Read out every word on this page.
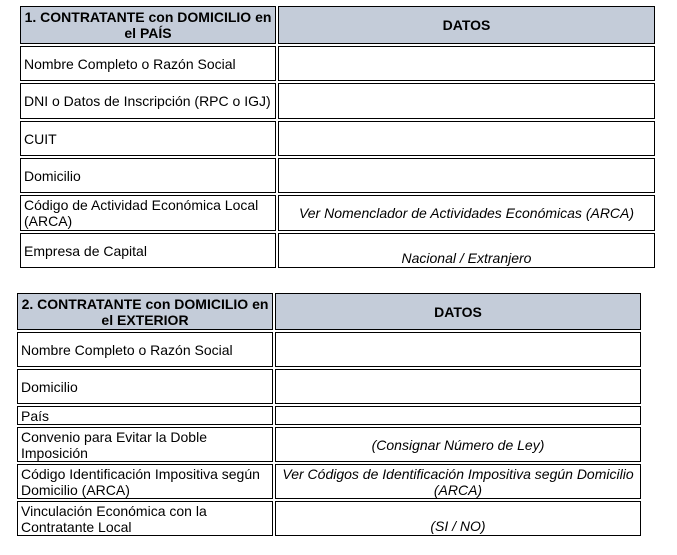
1. CONTRATANTE con DOMICILIO en el PAÍS	DATOS
Nombre Completo o Razón Social	
DNI o Datos de Inscripción (RPC o IGJ)	
CUIT	
Domicilio	
Código de Actividad Económica Local (ARCA)	Ver Nomenclador de Actividades Económicas (ARCA)
Empresa de Capital	Nacional / Extranjero
2. CONTRATANTE con DOMICILIO en el EXTERIOR	DATOS
Nombre Completo o Razón Social	
Domicilio	
País	
Convenio para Evitar la Doble Imposición	(Consignar Número de Ley)
Código Identificación Impositiva según Domicilio (ARCA)	Ver Códigos de Identificación Impositiva según Domicilio (ARCA)
Vinculación Económica con la Contratante Local	(SI / NO)
